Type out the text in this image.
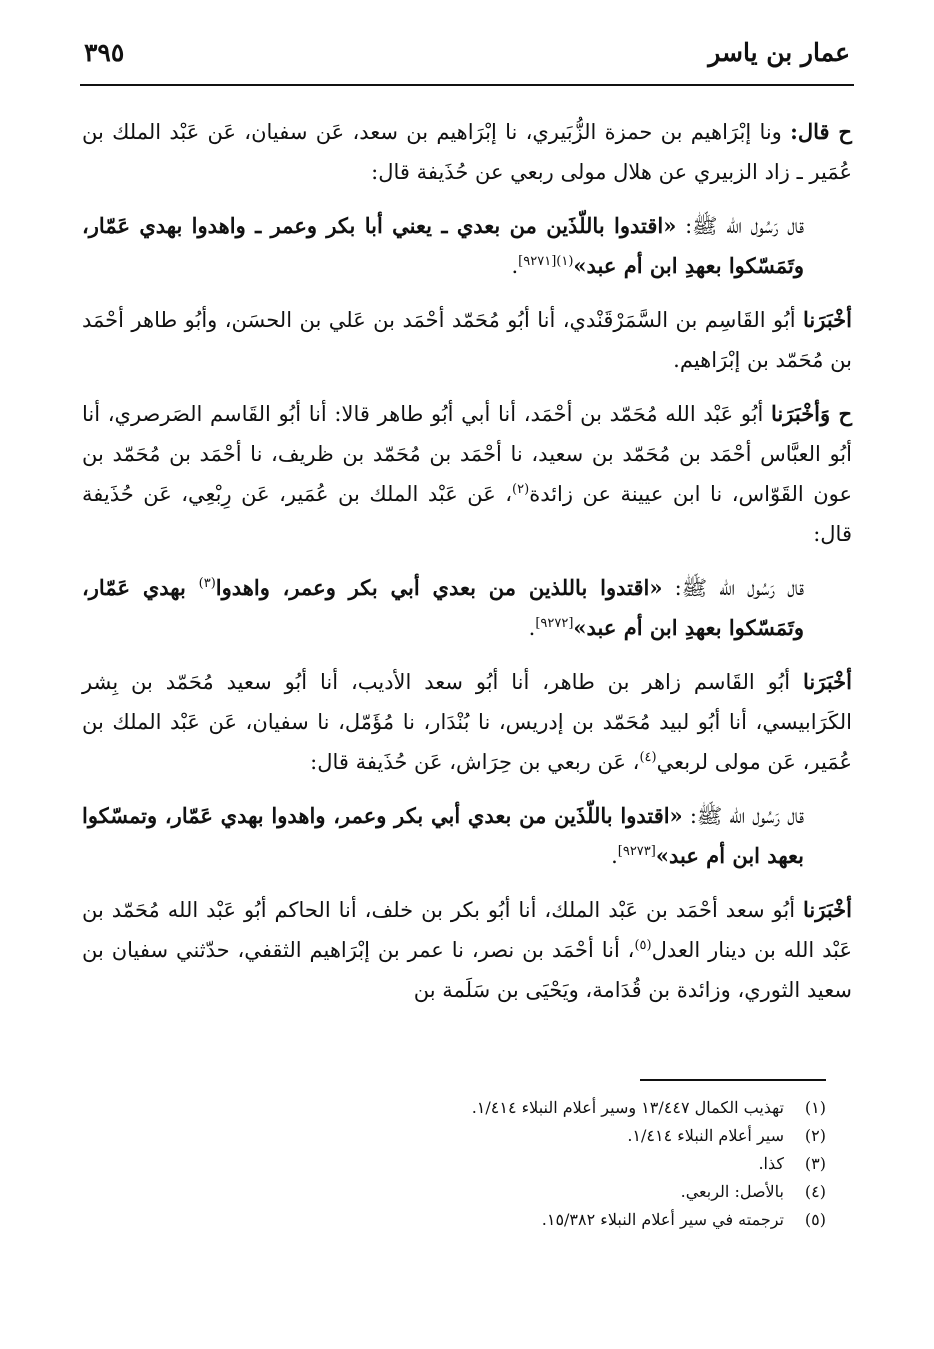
عمار بن ياسر
٣٩٥

ح قال: ونا إبْرَاهيم بن حمزة الزُّبَيري، نا إبْرَاهيم بن سعد، عَن سفيان، عَن عَبْد الملك بن عُمَير ـ زاد الزبيري عن هلال مولى ربعي عن حُذَيفة قال:

قال رَسُول الله ﷺ: «اقتدوا باللّذَين من بعدي ـ يعني أبا بكر وعمر ـ واهدوا بهدي عَمّار، وتَمَسّكوا بعهدِ ابن أم عبد»$^{(١)[٩٢٧١]}$.

أخْبَرَنا أبُو القَاسِم بن السَّمَرْقَنْدي، أنا أبُو مُحَمّد أحْمَد بن عَلي بن الحسَن، وأبُو طاهر أحْمَد بن مُحَمّد بن إبْرَاهيم.

ح وَأخْبَرَنا أبُو عَبْد الله مُحَمّد بن أحْمَد، أنا أبي أبُو طاهر قالا: أنا أبُو القَاسم الصَرصري، أنا أبُو العبَّاس أحْمَد بن مُحَمّد بن سعيد، نا أحْمَد بن مُحَمّد بن ظريف، نا أحْمَد بن مُحَمّد بن عون القَوّاس، نا ابن عيينة عن زائدة$^{(٢)}$، عَن عَبْد الملك بن عُمَير، عَن رِبْعِي، عَن حُذَيفة قال:

قال رَسُول الله ﷺ: «اقتدوا باللذين من بعدي أبي بكر وعمر، واهدوا$^{(٣)}$ بهدي عَمّار، وتَمَسّكوا بعهدِ ابن أم عبد»[٩٢٧٢].

أخْبَرَنا أبُو القَاسم زاهر بن طاهر، أنا أبُو سعد الأديب، أنا أبُو سعيد مُحَمّد بن بِشر الكَرَابيسي، أنا أبُو لبيد مُحَمّد بن إدريس، نا بُنْدَار، نا مُؤَمّل، نا سفيان، عَن عَبْد الملك بن عُمَير، عَن مولى لربعي$^{(٤)}$، عَن ربعي بن حِرَاش، عَن حُذَيفة قال:

قال رَسُول الله ﷺ: «اقتدوا باللّذَين من بعدي أبي بكر وعمر، واهدوا بهدي عَمّار، وتمسّكوا بعهد ابن أم عبد»[٩٢٧٣].

أخْبَرَنا أبُو سعد أحْمَد بن عَبْد الملك، أنا أبُو بكر بن خلف، أنا الحاكم أبُو عَبْد الله مُحَمّد بن عَبْد الله بن دينار العدل$^{(٥)}$، أنا أحْمَد بن نصر، نا عمر بن إبْرَاهيم الثقفي، حدّثني سفيان بن سعيد الثوري، وزائدة بن قُدَامة، ويَحْيَى بن سَلَمة بن

(١)تهذيب الكمال ١٣/٤٤٧ وسير أعلام النبلاء ١/٤١٤.
(٢)سير أعلام النبلاء ١/٤١٤.
(٣)كذا.
(٤)بالأصل: الربعي.
(٥)ترجمته في سير أعلام النبلاء ١٥/٣٨٢.
